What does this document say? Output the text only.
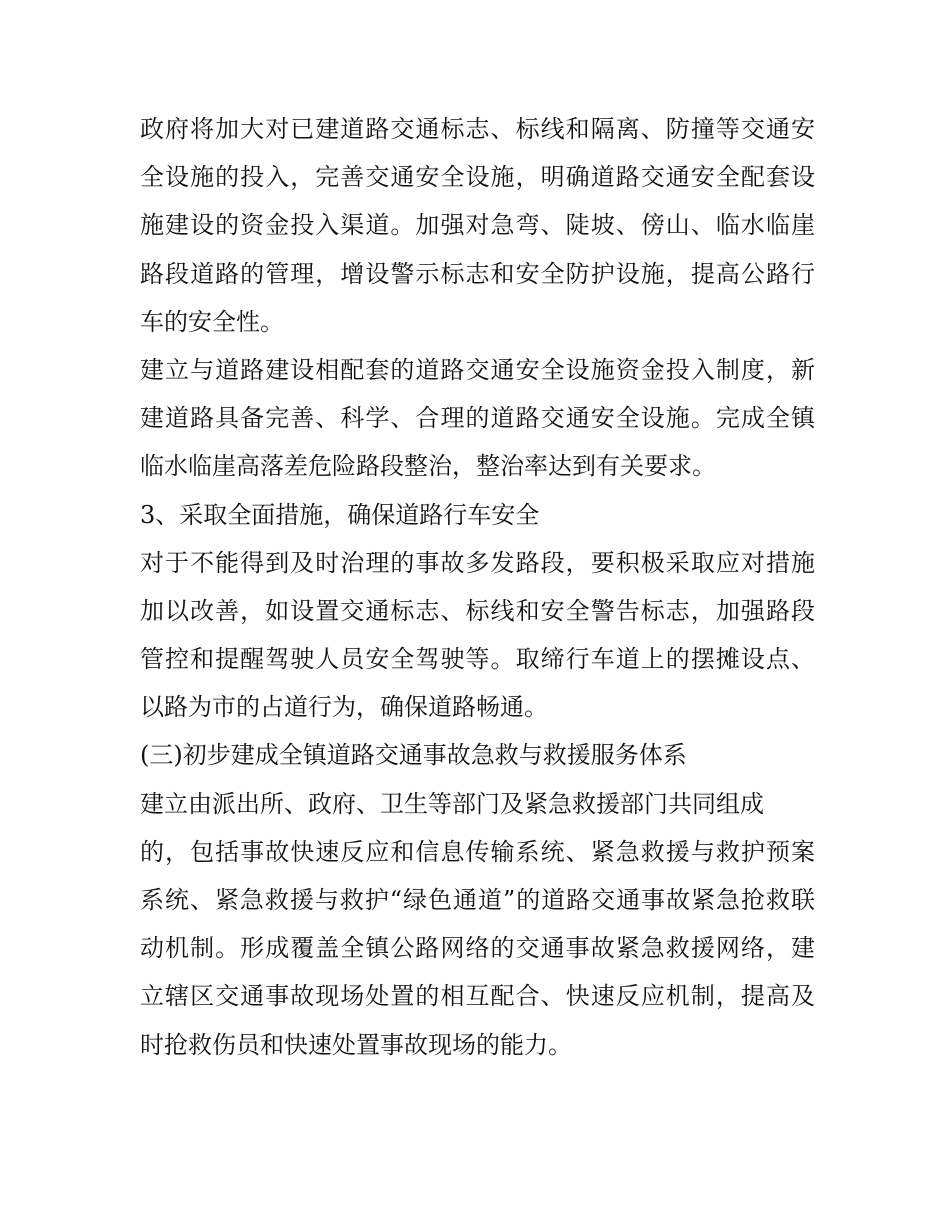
政府将加大对已建道路交通标志、标线和隔离、防撞等交通安
全设施的投入，完善交通安全设施，明确道路交通安全配套设
施建设的资金投入渠道。加强对急弯、陡坡、傍山、临水临崖
路段道路的管理，增设警示标志和安全防护设施，提高公路行
车的安全性。
建立与道路建设相配套的道路交通安全设施资金投入制度，新
建道路具备完善、科学、合理的道路交通安全设施。完成全镇
临水临崖高落差危险路段整治，整治率达到有关要求。
3、采取全面措施，确保道路行车安全
对于不能得到及时治理的事故多发路段，要积极采取应对措施
加以改善，如设置交通标志、标线和安全警告标志，加强路段
管控和提醒驾驶人员安全驾驶等。取缔行车道上的摆摊设点、
以路为市的占道行为，确保道路畅通。
(三)初步建成全镇道路交通事故急救与救援服务体系
建立由派出所、政府、卫生等部门及紧急救援部门共同组成
的，包括事故快速反应和信息传输系统、紧急救援与救护预案
系统、紧急救援与救护“绿色通道”的道路交通事故紧急抢救联
动机制。形成覆盖全镇公路网络的交通事故紧急救援网络，建
立辖区交通事故现场处置的相互配合、快速反应机制，提高及
时抢救伤员和快速处置事故现场的能力。
